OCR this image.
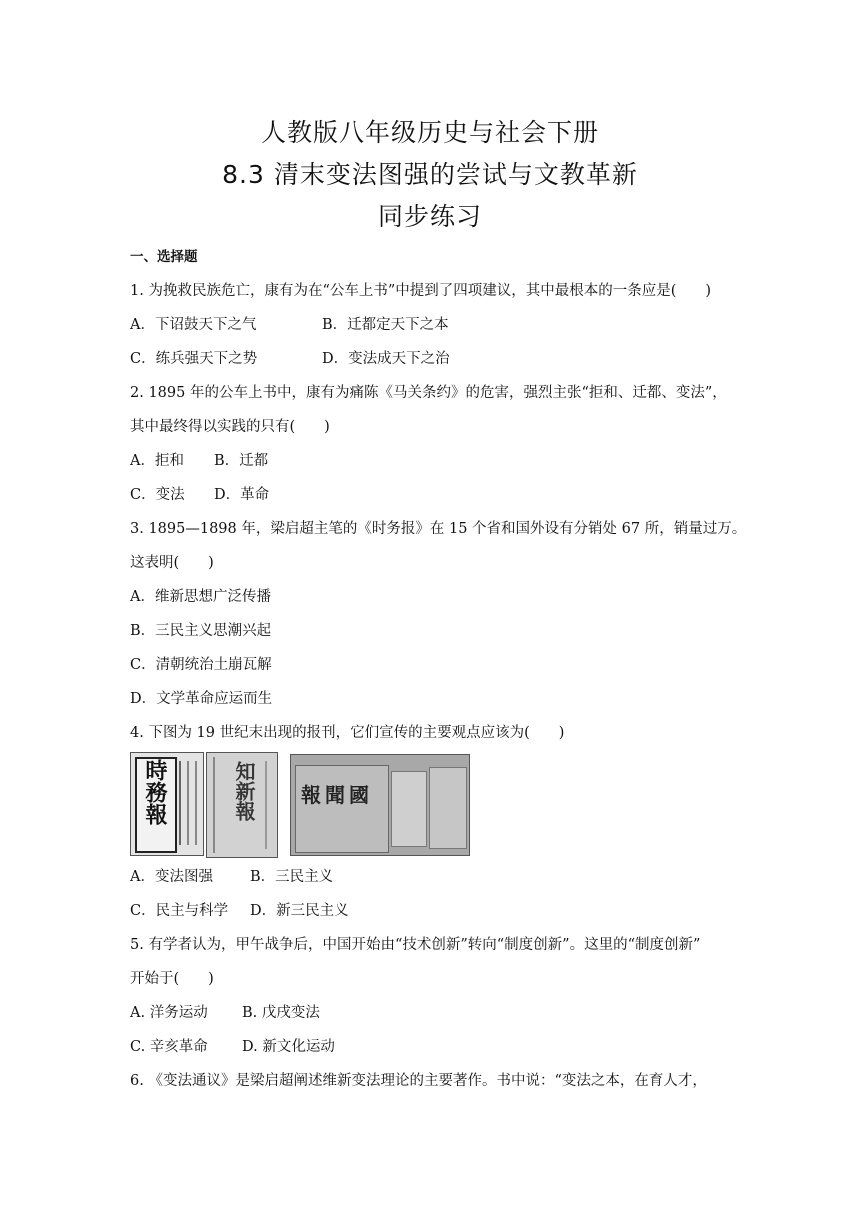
人教版八年级历史与社会下册
8.3 清末变法图强的尝试与文教革新
同步练习
一、选择题
1. 为挽救民族危亡，康有为在“公车上书”中提到了四项建议，其中最根本的一条应是(　　)
A．下诏鼓天下之气	B．迁都定天下之本
C．练兵强天下之势	D．变法成天下之治
2. 1895 年的公车上书中，康有为痛陈《马关条约》的危害，强烈主张“拒和、迁都、变法”，
其中最终得以实践的只有(　　)
A．拒和 B．迁都
C．变法 D．革命
3. 1895—1898 年，梁启超主笔的《时务报》在 15 个省和国外设有分销处 67 所，销量过万。
这表明(　　)
A．维新思想广泛传播
B．三民主义思潮兴起
C．清朝统治土崩瓦解
D．文学革命应运而生
4. 下图为 19 世纪末出现的报刊，它们宣传的主要观点应该为(　　)
時務報	知新報 國聞報
A．变法图强	B．三民主义
C．民主与科学 D．新三民主义
5. 有学者认为，甲午战争后，中国开始由“技术创新”转向“制度创新”。这里的“制度创新”
开始于(　　)
A. 洋务运动 B. 戊戌变法
C. 辛亥革命 D. 新文化运动
6. 《变法通议》是梁启超阐述维新变法理论的主要著作。书中说：“变法之本，在育人才，
